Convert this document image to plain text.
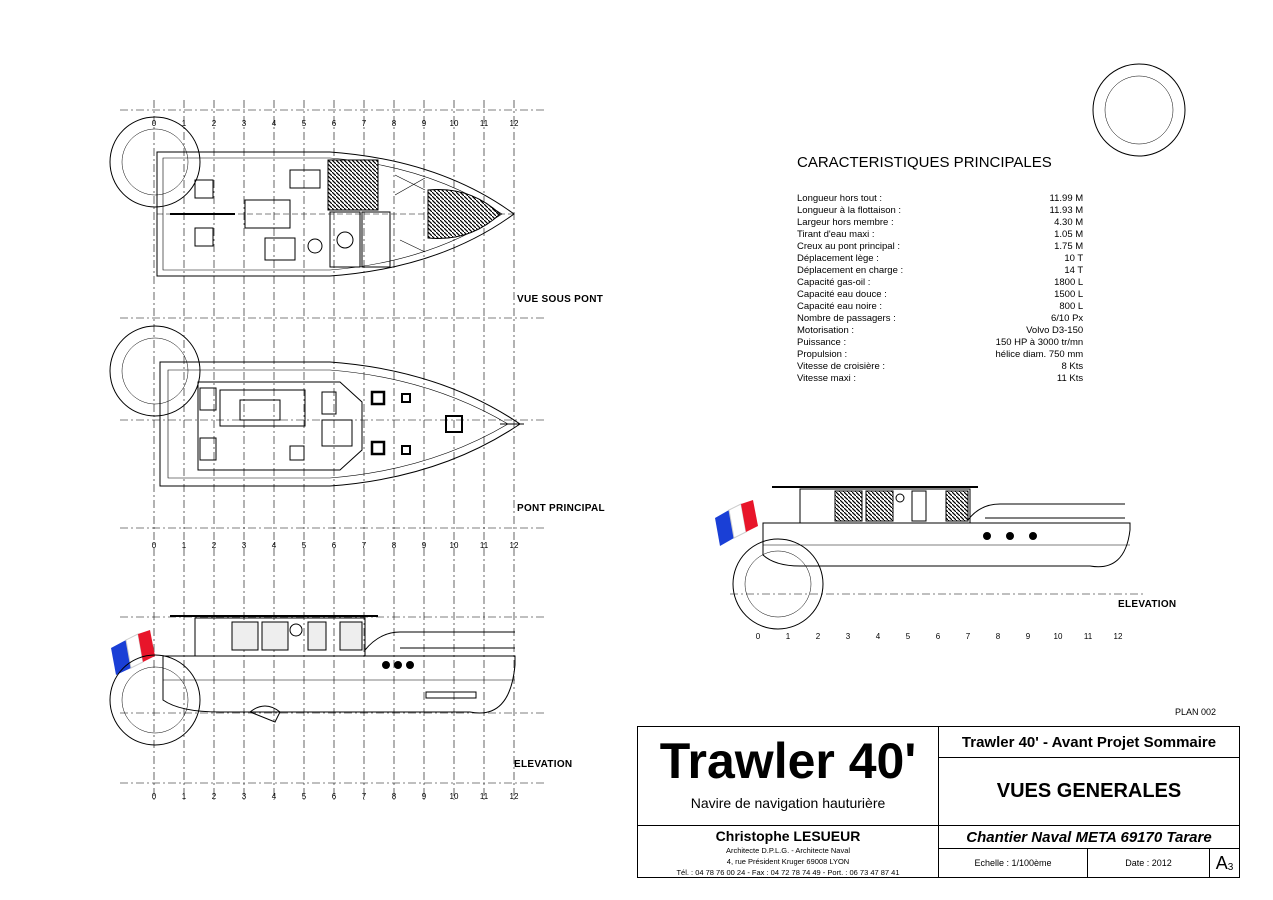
0
0
0
0
1
1
1
1
2
2
2
2
3
3
3
3
4
4
4
4
5
5
5
5
6
6
6
6
7
7
7
7
8
8
8
8
9
9
9
9
10
10
10
10
11
11
11
11
12
12
12
12
VUE SOUS PONT
PONT PRINCIPAL
ELEVATION
ELEVATION
CARACTERISTIQUES PRINCIPALES
Longueur hors tout :	11.99 M
Longueur à la flottaison :	11.93 M
Largeur hors membre :	4.30 M
Tirant d'eau maxi :	1.05 M
Creux au pont principal :	1.75 M
Déplacement lège :	10 T
Déplacement en charge :	14 T
Capacité gas-oil :	1800 L
Capacité eau douce :	1500 L
Capacité eau noire :	800 L
Nombre de passagers :	6/10 Px
Motorisation :	Volvo D3-150
Puissance :	150 HP à 3000 tr/mn
Propulsion :	hélice diam. 750 mm
Vitesse de croisière :	8 Kts
Vitesse maxi :	11 Kts
PLAN 002
Trawler 40'
Navire de navigation hauturière
Trawler 40' - Avant Projet Sommaire
VUES GENERALES
Christophe LESUEUR
Architecte D.P.L.G. - Architecte Naval
4, rue Président Kruger 69008 LYON
Tél. : 04 78 76 00 24 - Fax : 04 72 78 74 49 - Port. : 06 73 47 87 41
Chantier Naval META 69170 Tarare
Echelle : 1/100ème	Date : 2012	A 3
